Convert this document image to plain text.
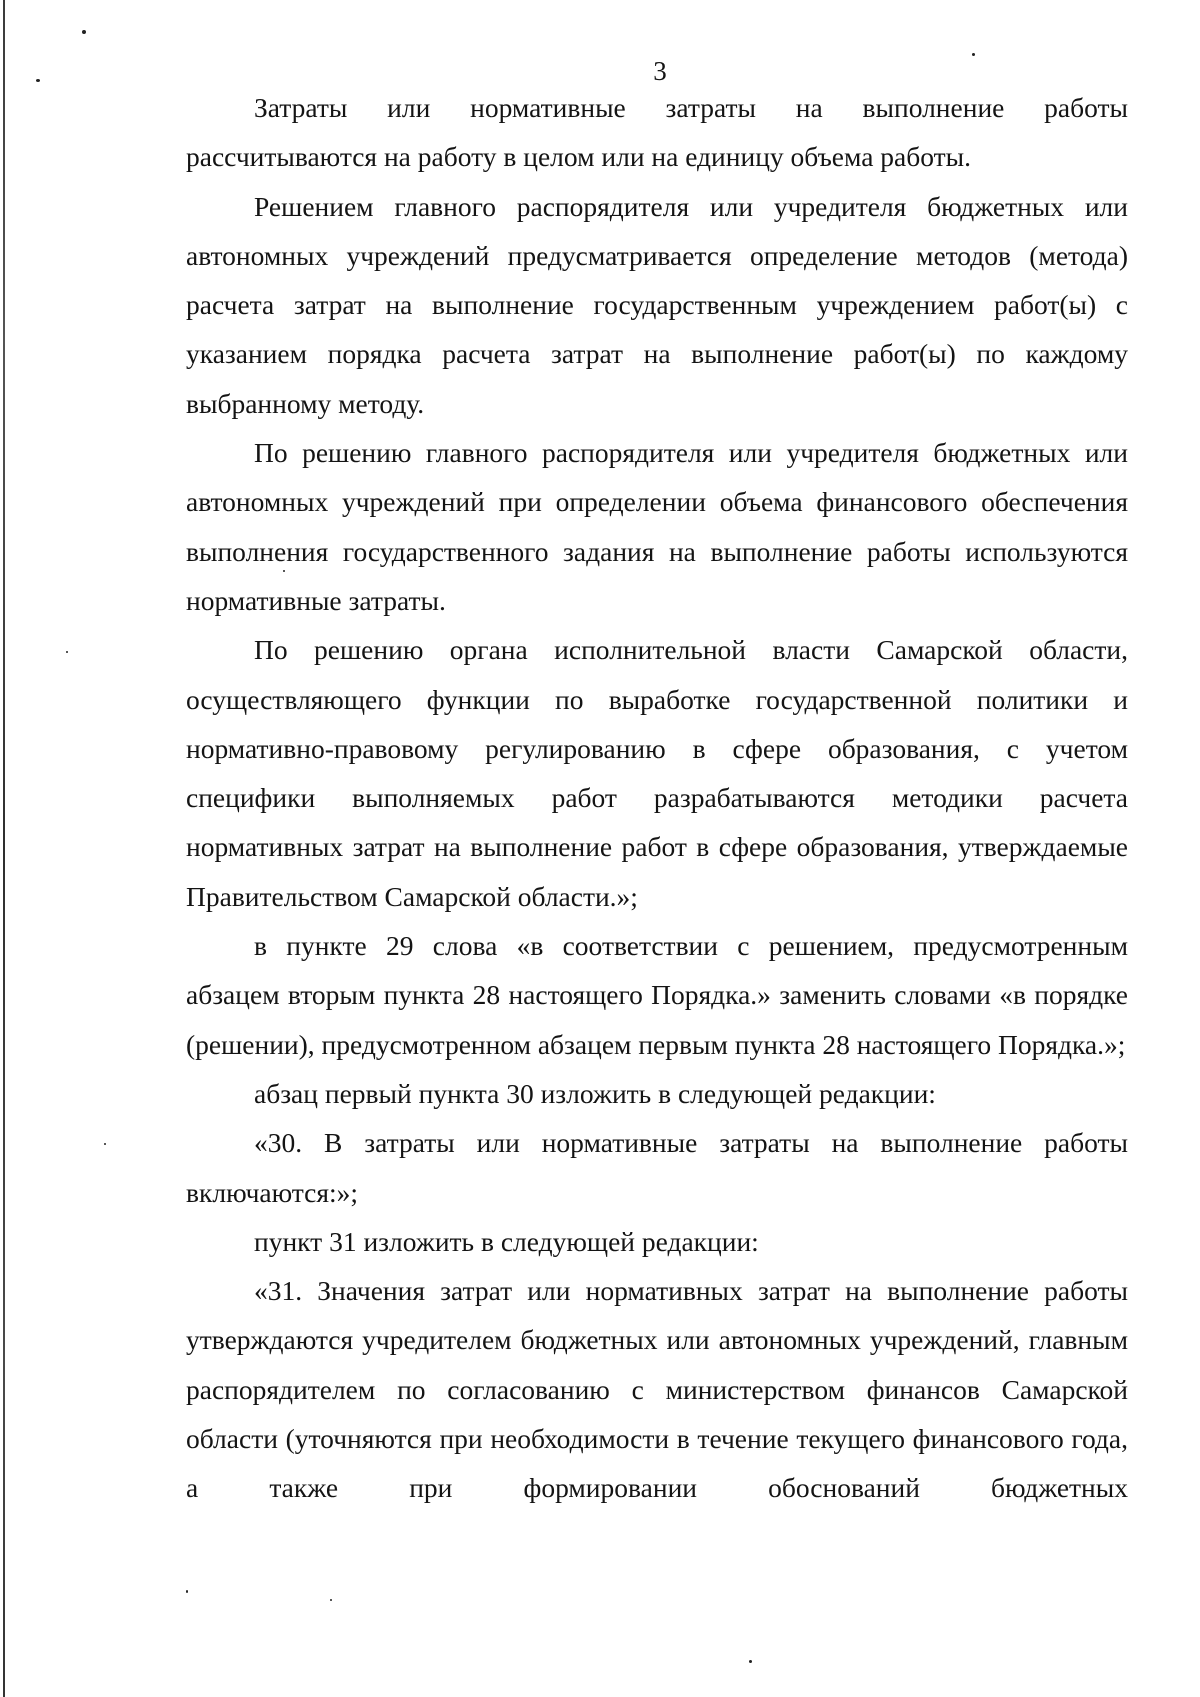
3

Затраты или нормативные затраты на выполнение работы рассчитываются на работу в целом или на единицу объема работы.

Решением главного распорядителя или учредителя бюджетных или автономных учреждений предусматривается определение методов (метода) расчета затрат на выполнение государственным учреждением работ(ы) с указанием порядка расчета затрат на выполнение работ(ы) по каждому выбранному методу.

По решению главного распорядителя или учредителя бюджетных или автономных учреждений при определении объема финансового обеспечения выполнения государственного задания на выполнение работы используются нормативные затраты.

По решению органа исполнительной власти Самарской области, осуществляющего функции по выработке государственной политики и нормативно-правовому регулированию в сфере образования, с учетом специфики выполняемых работ разрабатываются методики расчета нормативных затрат на выполнение работ в сфере образования, утверждаемые Правительством Самарской области.»;

в пункте 29 слова «в соответствии с решением, предусмотренным абзацем вторым пункта 28 настоящего Порядка.» заменить словами «в порядке (решении), предусмотренном абзацем первым пункта 28 настоящего Порядка.»;

абзац первый пункта 30 изложить в следующей редакции:

«30. В затраты или нормативные затраты на выполнение работы включаются:»;

пункт 31 изложить в следующей редакции:

«31. Значения затрат или нормативных затрат на выполнение работы утверждаются учредителем бюджетных или автономных учреждений, главным распорядителем по согласованию с министерством финансов Самарской области (уточняются при необходимости в течение текущего финансового года, а также при формировании обоснований бюджетных
